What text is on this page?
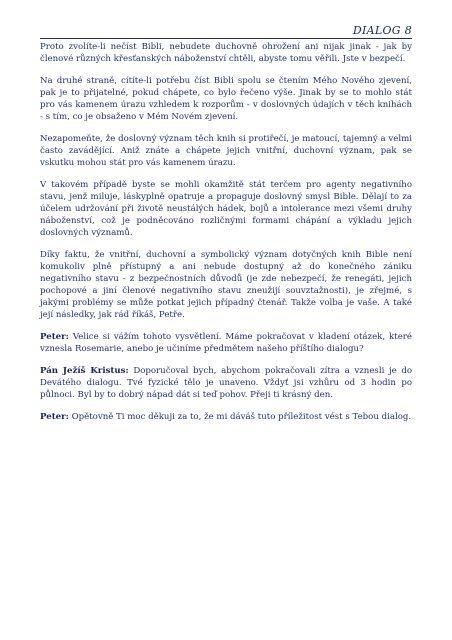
DIALOG 8

Proto zvolíte-li nečíst Bibli, nebudete duchovně ohrožení ani nijak jinak - jak by členové různých křesťanských náboženství chtěli, abyste tomu věřili. Jste v bezpečí.

Na druhé straně, cítíte-li potřebu číst Bibli spolu se čtením Mého Nového zjevení, pak je to přijatelné, pokud chápete, co bylo řečeno výše. Jinak by se to mohlo stát pro vás kamenem úrazu vzhledem k rozporům - v doslovných údajích v těch knihách - s tím, co je obsaženo v Mém Novém zjevení.

Nezapomeňte, že doslovný význam těch knih si protiřečí, je matoucí, tajemný a velmi často zavádějící. Aniž znáte a chápete jejich vnitřní, duchovní význam, pak se vskutku mohou stát pro vás kamenem úrazu.

V takovém případě byste se mohli okamžitě stát terčem pro agenty negativního stavu, jenž miluje, láskyplně opatruje a propaguje doslovný smysl Bible. Dělají to za účelem udržování při životě neustálých hádek, bojů a intolerance mezi všemi druhy náboženství, což je podněcováno rozličnými formami chápání a výkladu jejich doslovných významů.

Díky faktu, že vnitřní, duchovní a symbolický význam dotyčných knih Bible není komukoliv plně přístupný a ani nebude dostupný až do konečného zániku negativního stavu - z bezpečnostních důvodů (je zde nebezpečí, že renegáti, jejich pochopové a jiní členové negativního stavu zneužijí souvztažnosti), je zřejmé, s jakými problémy se může potkat jejich případný čtenář. Takže volba je vaše. A také její následky, jak rád říkáš, Petře.

Peter: Velice si vážím tohoto vysvětlení. Máme pokračovat v kladení otázek, které vznesla Rosemarie, anebo je učiníme předmětem našeho příštího dialogu?

Pán Ježíš Kristus: Doporučoval bych, abychom pokračovali zítra a vznesli je do Devátého dialogu. Tvé fyzické tělo je unaveno. Vždyť jsi vzhůru od 3 hodin po půlnoci. Byl by to dobrý nápad dát si teď pohov. Přeji ti krásný den.

Peter: Opětovně Ti moc děkuji za to, že mi dáváš tuto příležitost vést s Tebou dialog.
